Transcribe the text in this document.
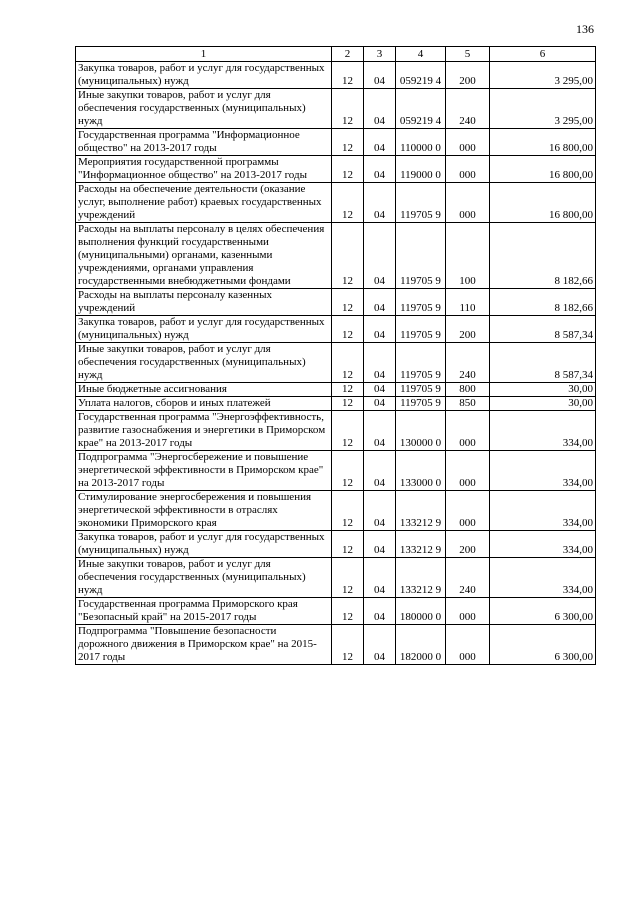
136
1	2	3	4	5	6
Закупка товаров, работ и услуг для государственных (муниципальных) нужд	12	04	059219 4	200	3 295,00
Иные закупки товаров, работ и услуг для обеспечения государственных (муниципальных) нужд	12	04	059219 4	240	3 295,00
Государственная программа "Информационное общество" на 2013-2017 годы	12	04	110000 0	000	16 800,00
Мероприятия государственной программы "Информационное общество" на 2013-2017 годы	12	04	119000 0	000	16 800,00
Расходы на обеспечение деятельности (оказание услуг, выполнение работ) краевых государственных учреждений	12	04	119705 9	000	16 800,00
Расходы на выплаты персоналу в целях обеспечения выполнения функций государственными (муниципальными) органами, казенными учреждениями, органами управления государственными внебюджетными фондами	12	04	119705 9	100	8 182,66
Расходы на выплаты персоналу казенных учреждений	12	04	119705 9	110	8 182,66
Закупка товаров, работ и услуг для государственных (муниципальных) нужд	12	04	119705 9	200	8 587,34
Иные закупки товаров, работ и услуг для обеспечения государственных (муниципальных) нужд	12	04	119705 9	240	8 587,34
Иные бюджетные ассигнования	12	04	119705 9	800	30,00
Уплата налогов, сборов и иных платежей	12	04	119705 9	850	30,00
Государственная программа "Энергоэффективность, развитие газоснабжения и энергетики в Приморском крае" на 2013-2017 годы	12	04	130000 0	000	334,00
Подпрограмма "Энергосбережение и повышение энергетической эффективности в Приморском крае" на 2013-2017 годы	12	04	133000 0	000	334,00
Стимулирование энергосбережения и повышения энергетической эффективности в отраслях экономики Приморского края	12	04	133212 9	000	334,00
Закупка товаров, работ и услуг для государственных (муниципальных) нужд	12	04	133212 9	200	334,00
Иные закупки товаров, работ и услуг для обеспечения государственных (муниципальных) нужд	12	04	133212 9	240	334,00
Государственная программа Приморского края "Безопасный край" на 2015-2017 годы	12	04	180000 0	000	6 300,00
Подпрограмма "Повышение безопасности дорожного движения в Приморском крае" на 2015-2017 годы	12	04	182000 0	000	6 300,00
